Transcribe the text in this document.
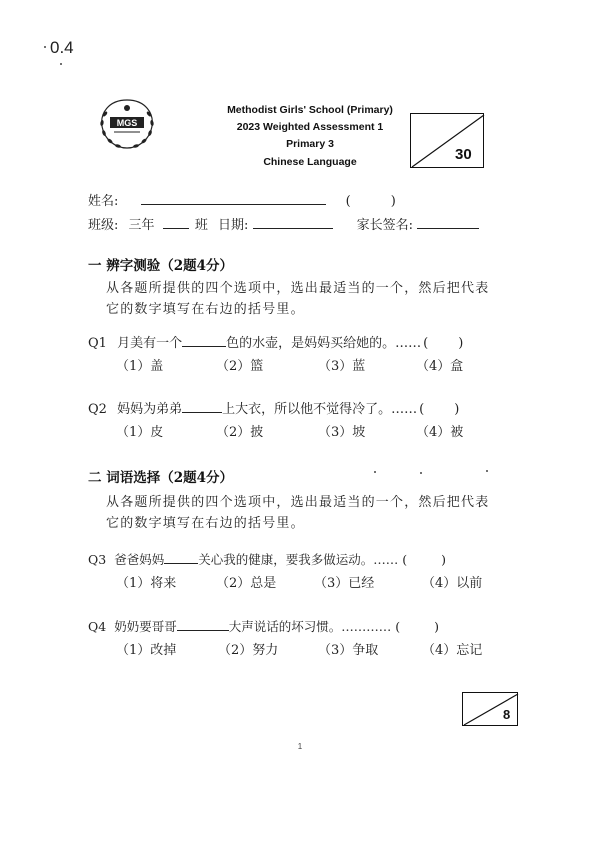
0.4
MGS
Methodist Girls' School (Primary)
2023 Weighted Assessment 1
Primary 3
Chinese Language	30
姓名:	(	)
班级: 三年	班 日期:	家长签名:
一 辨字测验（2题4分）
从各题所提供的四个选项中，选出最适当的一个，然后把代表
它的数字填写在右边的括号里。
Q1 月美有一个	色的水壶，是妈妈买给她的。…… ( )
（1）盖	（2）篮	（3）蓝	（4）盒
Q2 妈妈为弟弟	上大衣，所以他不觉得冷了。…… ( )
（1）皮	（2）披	（3）坡	（4）被
二 词语选择（2题4分）
从各题所提供的四个选项中，选出最适当的一个，然后把代表
它的数字填写在右边的括号里。
Q3 爸爸妈妈	关心我的健康，要我多做运动。…… (	)
（1）将来	（2）总是	（3）已经	（4）以前
Q4 奶奶要哥哥	大声说话的坏习惯。………… (	)
（1）改掉	（2）努力	（3）争取	（4）忘记
8
1
